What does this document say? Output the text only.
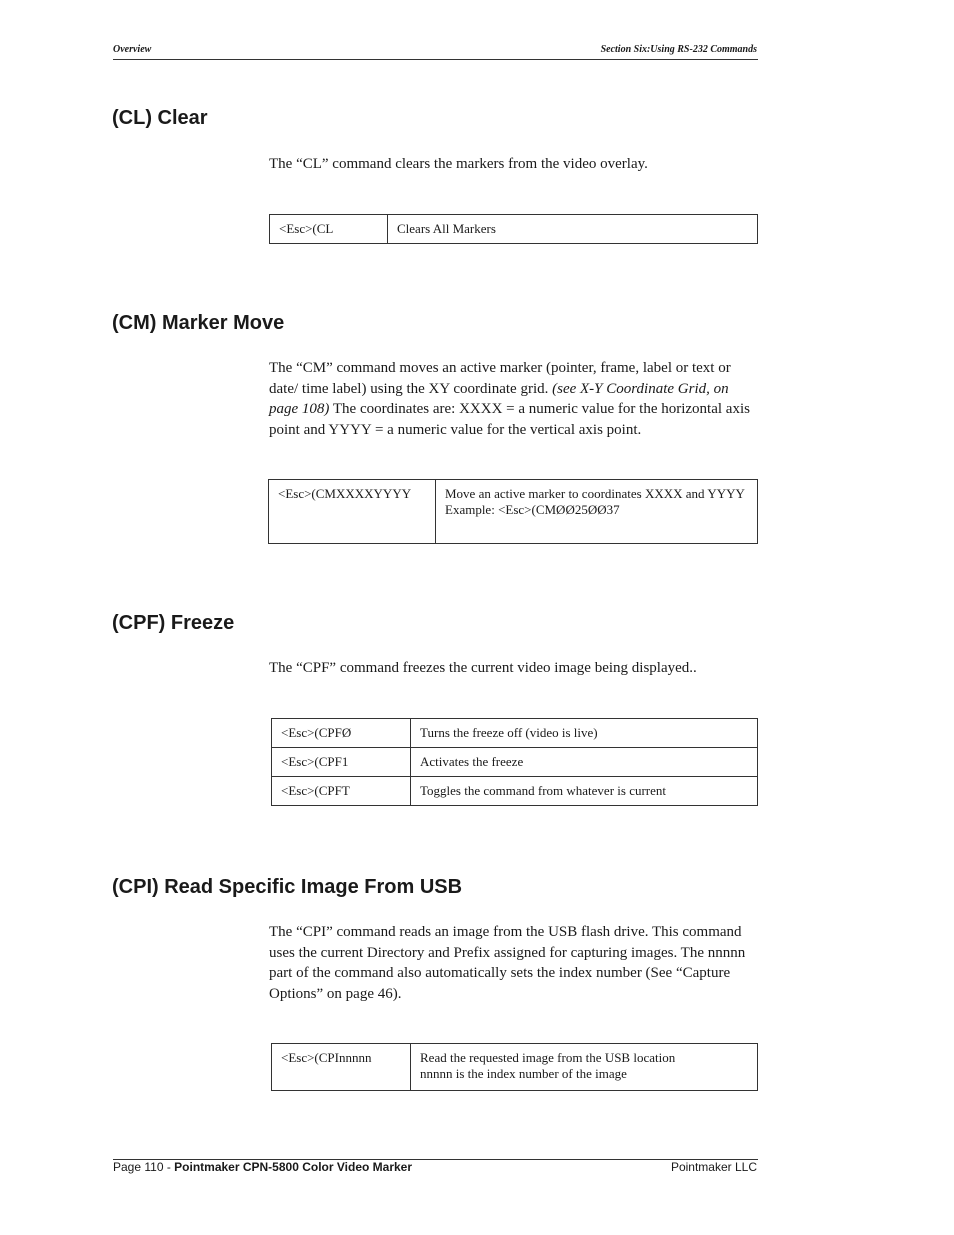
Overview	Section Six:Using RS-232 Commands
(CL) Clear

The “CL” command clears the markers from the video overlay.

<Esc>(CL	Clears All Markers
(CM) Marker Move

The “CM” command moves an active marker (pointer, frame, label or text or date/ time label) using the XY coordinate grid. (see X-Y Coordinate Grid, on page 108) The coordinates are: XXXX = a numeric value for the horizontal axis point and YYYY = a numeric value for the vertical axis point.

<Esc>(CMXXXXYYYY	Move an active marker to coordinates XXXX and YYYY
Example: <Esc>(CMØØ25ØØ37
(CPF) Freeze

The “CPF” command freezes the current video image being displayed..

<Esc>(CPFØ	Turns the freeze off (video is live)
<Esc>(CPF1	Activates the freeze
<Esc>(CPFT	Toggles the command from whatever is current
(CPI) Read Specific Image From USB

The “CPI” command reads an image from the USB flash drive. This command uses the current Directory and Prefix assigned for capturing images. The nnnnn part of the command also automatically sets the index number (See “Capture Options” on page 46).

<Esc>(CPInnnnn	Read the requested image from the USB location
nnnnn is the index number of the image
Page 110 - Pointmaker CPN-5800 Color Video Marker	Pointmaker LLC
